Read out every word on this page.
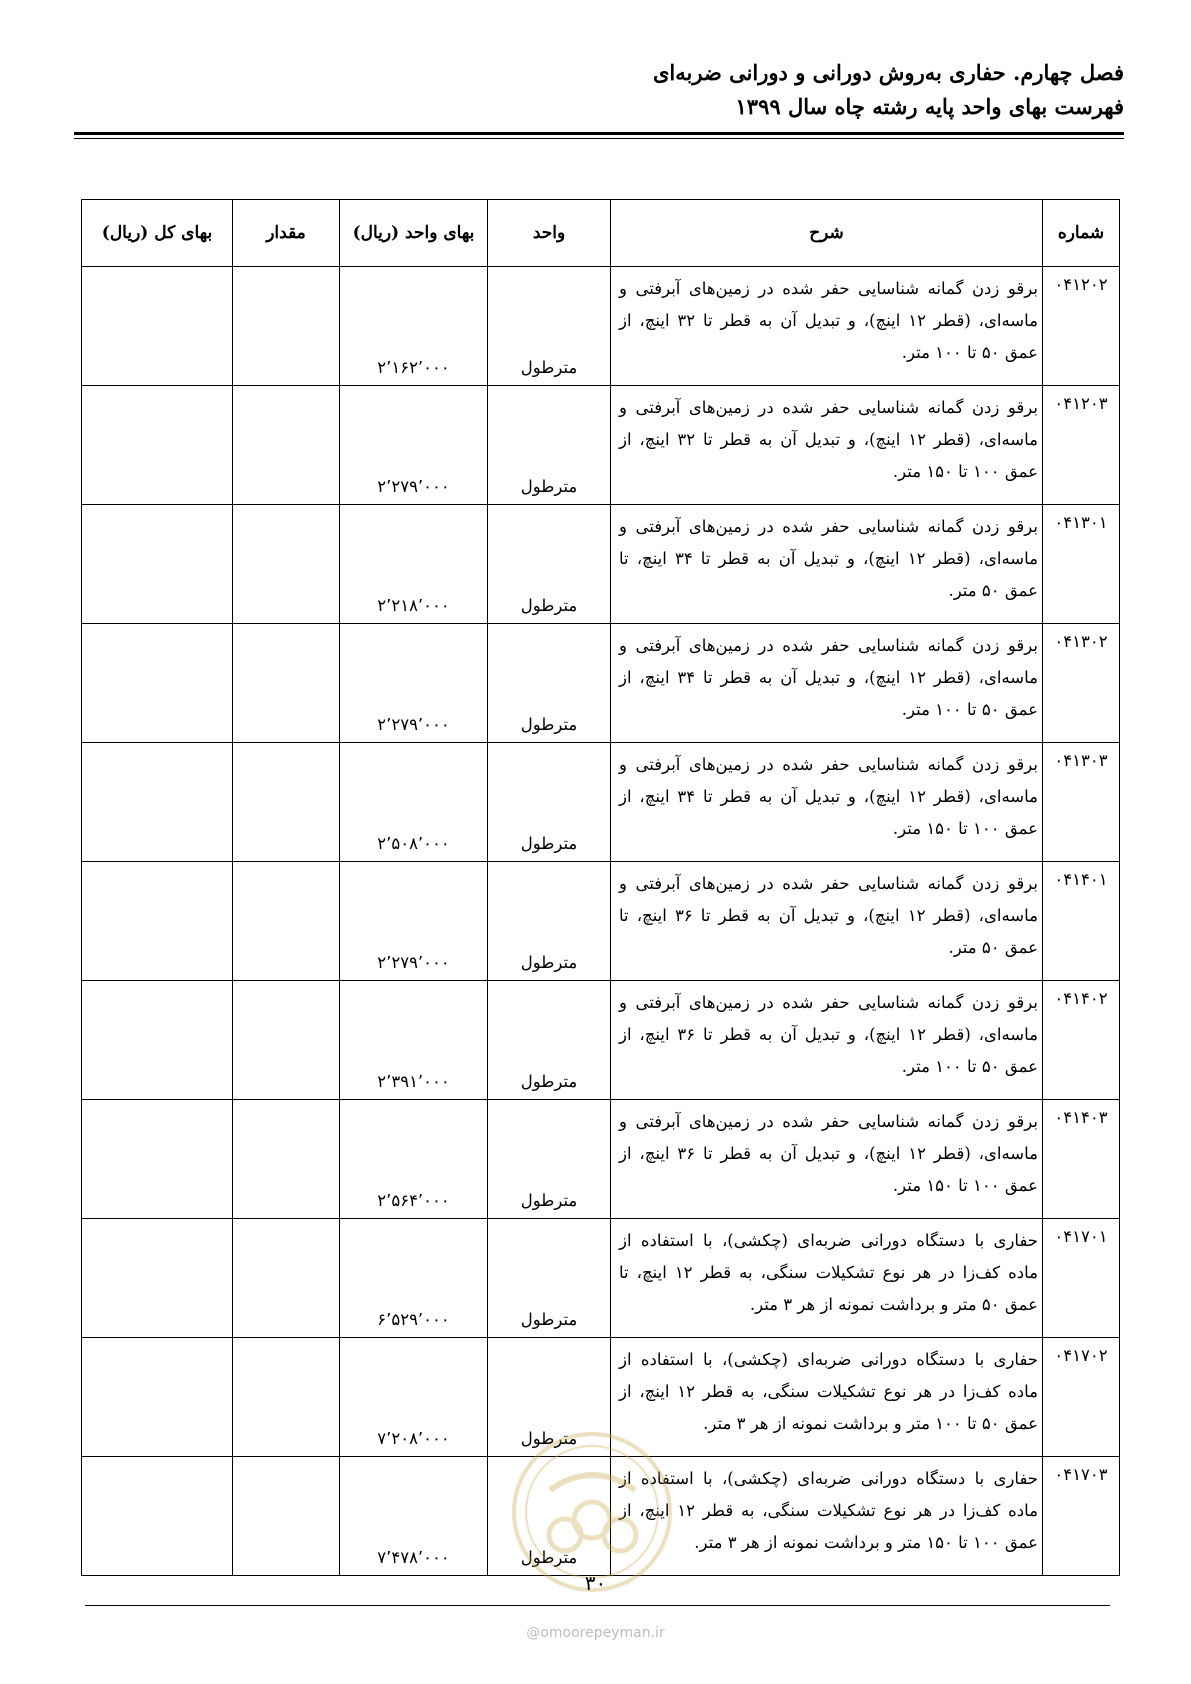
فصل چهارم. حفاری به‌روش دورانی و دورانی ضربه‌ای
فهرست بهای واحد پایه رشته چاه سال ۱۳۹۹
شماره	شرح	واحد	بهای واحد (ریال)	مقدار	بهای کل (ریال)
۰۴۱۲۰۲	برقو زدن گمانه شناسایی حفر شده در زمین‌های آبرفتی و ماسه‌ای، (قطر ۱۲ اینچ)، و تبدیل آن به قطر تا ۳۲ اینچ، از عمق ۵۰ تا ۱۰۰ متر.	مترطول	۲٬۱۶۲٬۰۰۰		
۰۴۱۲۰۳	برقو زدن گمانه شناسایی حفر شده در زمین‌های آبرفتی و ماسه‌ای، (قطر ۱۲ اینچ)، و تبدیل آن به قطر تا ۳۲ اینچ، از عمق ۱۰۰ تا ۱۵۰ متر.	مترطول	۲٬۲۷۹٬۰۰۰		
۰۴۱۳۰۱	برقو زدن گمانه شناسایی حفر شده در زمین‌های آبرفتی و ماسه‌ای، (قطر ۱۲ اینچ)، و تبدیل آن به قطر تا ۳۴ اینچ، تا عمق ۵۰ متر.	مترطول	۲٬۲۱۸٬۰۰۰		
۰۴۱۳۰۲	برقو زدن گمانه شناسایی حفر شده در زمین‌های آبرفتی و ماسه‌ای، (قطر ۱۲ اینچ)، و تبدیل آن به قطر تا ۳۴ اینچ، از عمق ۵۰ تا ۱۰۰ متر.	مترطول	۲٬۲۷۹٬۰۰۰		
۰۴۱۳۰۳	برقو زدن گمانه شناسایی حفر شده در زمین‌های آبرفتی و ماسه‌ای، (قطر ۱۲ اینچ)، و تبدیل آن به قطر تا ۳۴ اینچ، از عمق ۱۰۰ تا ۱۵۰ متر.	مترطول	۲٬۵۰۸٬۰۰۰		
۰۴۱۴۰۱	برقو زدن گمانه شناسایی حفر شده در زمین‌های آبرفتی و ماسه‌ای، (قطر ۱۲ اینچ)، و تبدیل آن به قطر تا ۳۶ اینچ، تا عمق ۵۰ متر.	مترطول	۲٬۲۷۹٬۰۰۰		
۰۴۱۴۰۲	برقو زدن گمانه شناسایی حفر شده در زمین‌های آبرفتی و ماسه‌ای، (قطر ۱۲ اینچ)، و تبدیل آن به قطر تا ۳۶ اینچ، از عمق ۵۰ تا ۱۰۰ متر.	مترطول	۲٬۳۹۱٬۰۰۰		
۰۴۱۴۰۳	برقو زدن گمانه شناسایی حفر شده در زمین‌های آبرفتی و ماسه‌ای، (قطر ۱۲ اینچ)، و تبدیل آن به قطر تا ۳۶ اینچ، از عمق ۱۰۰ تا ۱۵۰ متر.	مترطول	۲٬۵۶۴٬۰۰۰		
۰۴۱۷۰۱	حفاری با دستگاه دورانی ضربه‌ای (چکشی)، با استفاده از ماده کف‌زا در هر نوع تشکیلات سنگی، به قطر ۱۲ اینچ، تا عمق ۵۰ متر و برداشت نمونه از هر ۳ متر.	مترطول	۶٬۵۲۹٬۰۰۰		
۰۴۱۷۰۲	حفاری با دستگاه دورانی ضربه‌ای (چکشی)، با استفاده از ماده کف‌زا در هر نوع تشکیلات سنگی، به قطر ۱۲ اینچ، از عمق ۵۰ تا ۱۰۰ متر و برداشت نمونه از هر ۳ متر.	مترطول	۷٬۲۰۸٬۰۰۰		
۰۴۱۷۰۳	حفاری با دستگاه دورانی ضربه‌ای (چکشی)، با استفاده از ماده کف‌زا در هر نوع تشکیلات سنگی، به قطر ۱۲ اینچ، از عمق ۱۰۰ تا ۱۵۰ متر و برداشت نمونه از هر ۳ متر.	مترطول	۷٬۴۷۸٬۰۰۰		
۳۰
@omoorepeyman.ir
